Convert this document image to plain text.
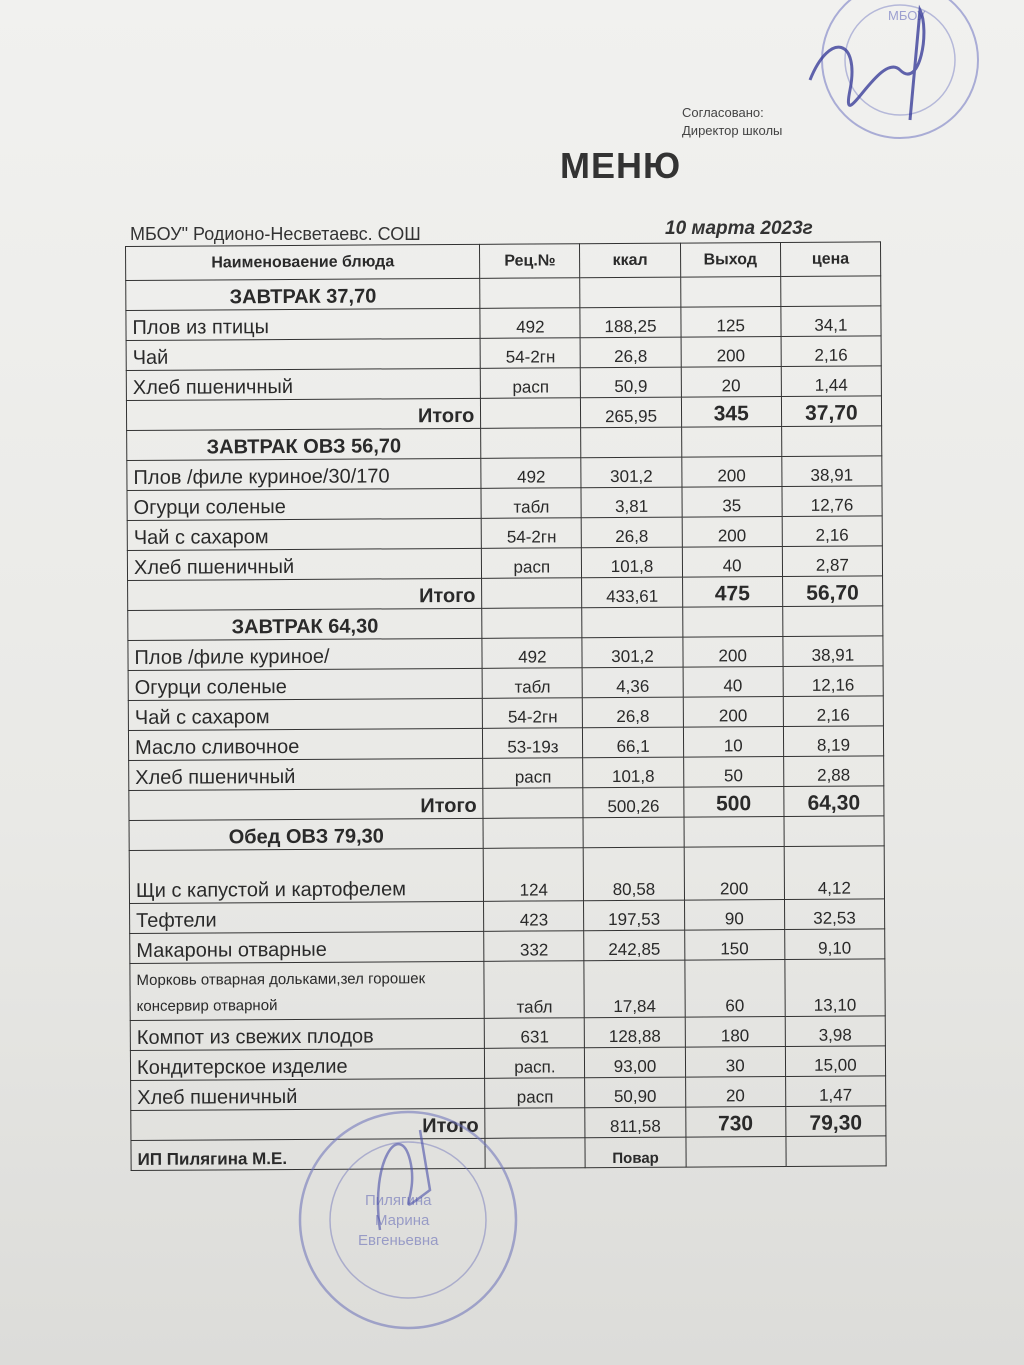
МБОУ
Согласовано:
Директор школы
МЕНЮ
МБОУ" Родионо-Несветаевс. СОШ	10 марта 2023г
Наименоваение блюда	Рец.№	ккал	Выход	цена
ЗАВТРАК 37,70				
Плов из птицы	492	188,25	125	34,1
Чай	54-2гн	26,8	200	2,16
Хлеб пшеничный	расп	50,9	20	1,44
Итого		265,95	345	37,70
ЗАВТРАК ОВЗ 56,70				
Плов /филе куриное/30/170	492	301,2	200	38,91
Огурци соленые	табл	3,81	35	12,76
Чай с сахаром	54-2гн	26,8	200	2,16
Хлеб пшеничный	расп	101,8	40	2,87
Итого		433,61	475	56,70
ЗАВТРАК 64,30				
Плов /филе куриное/	492	301,2	200	38,91
Огурци соленые	табл	4,36	40	12,16
Чай с сахаром	54-2гн	26,8	200	2,16
Масло сливочное	53-19з	66,1	10	8,19
Хлеб пшеничный	расп	101,8	50	2,88
Итого		500,26	500	64,30
Обед ОВЗ 79,30				
Щи с капустой и картофелем	124	80,58	200	4,12
Тефтели	423	197,53	90	32,53
Макароны отварные	332	242,85	150	9,10
Морковь отварная дольками,зел горошек консервир отварной	табл	17,84	60	13,10
Компот из свежих плодов	631	128,88	180	3,98
Кондитерское изделие	расп.	93,00	30	15,00
Хлеб пшеничный	расп	50,90	20	1,47
Итого		811,58	730	79,30
ИП Пилягина М.Е.		Повар		
Пилягина
Марина
Евгеньевна
